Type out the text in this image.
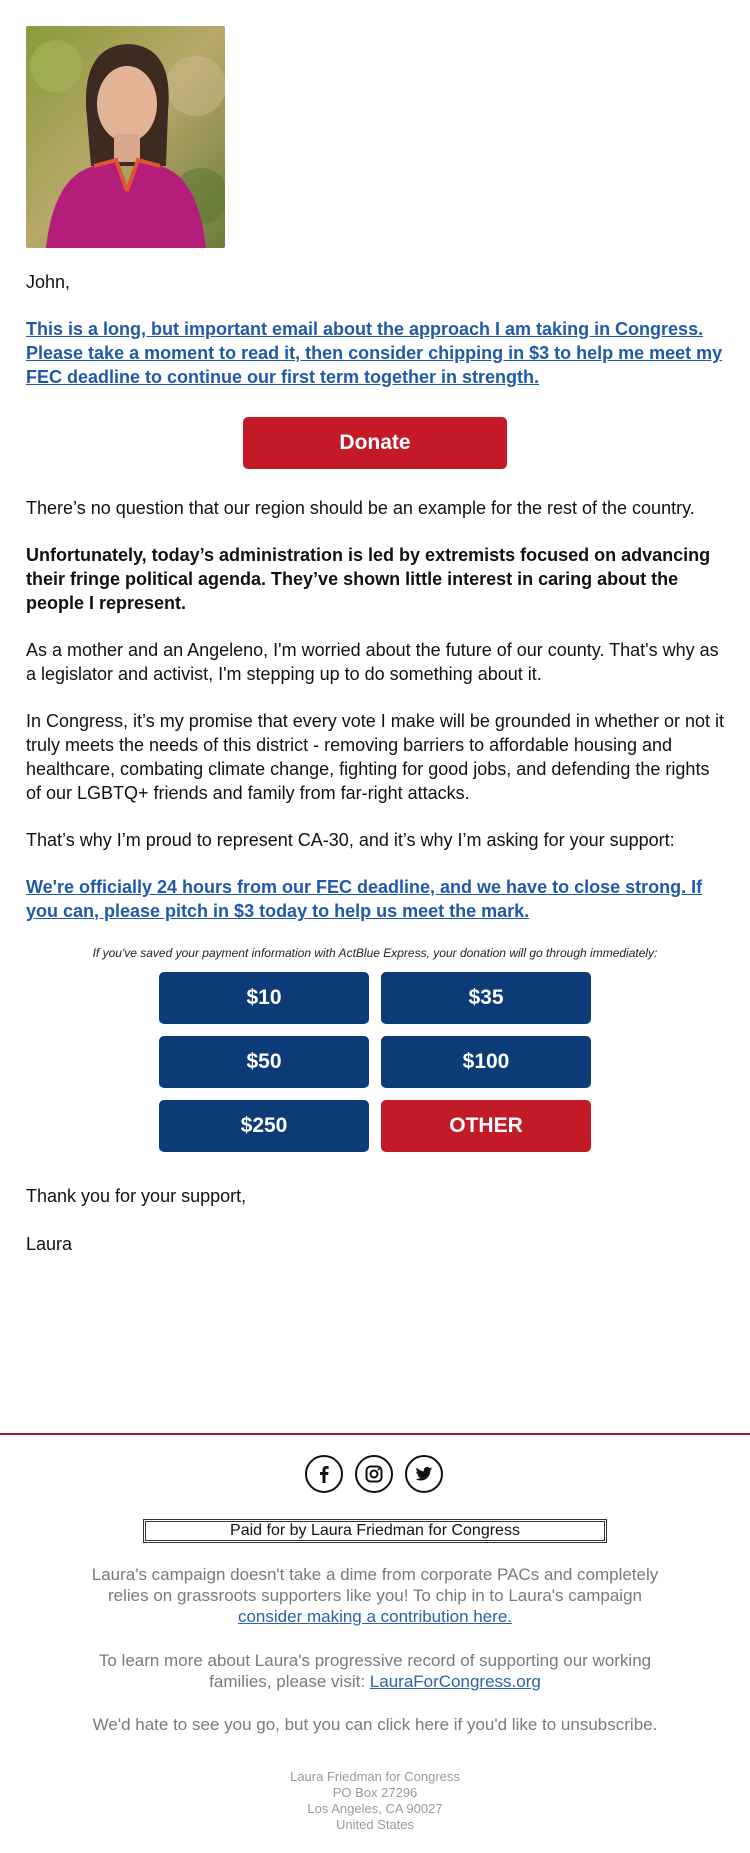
John,

This is a long, but important email about the approach I am taking in Congress. Please take a moment to read it, then consider chipping in $3 to help me meet my FEC deadline to continue our first term together in strength.

Donate

There’s no question that our region should be an example for the rest of the country.

Unfortunately, today’s administration is led by extremists focused on advancing their fringe political agenda. They’ve shown little interest in caring about the people I represent.

As a mother and an Angeleno, I'm worried about the future of our county. That's why as a legislator and activist, I'm stepping up to do something about it.

In Congress, it’s my promise that every vote I make will be grounded in whether or not it truly meets the needs of this district - removing barriers to affordable housing and healthcare, combating climate change, fighting for good jobs, and defending the rights of our LGBTQ+ friends and family from far-right attacks.

That’s why I’m proud to represent CA-30, and it’s why I’m asking for your support:

We're officially 24 hours from our FEC deadline, and we have to close strong. If you can, please pitch in $3 today to help us meet the mark.

If you've saved your payment information with ActBlue Express, your donation will go through immediately:
$10	$35
$50	$100
$250	OTHER

Thank you for your support,

Laura

Paid for by Laura Friedman for Congress
Laura's campaign doesn't take a dime from corporate PACs and completely relies on grassroots supporters like you! To chip in to Laura's campaign consider making a contribution here.
To learn more about Laura's progressive record of supporting our working families, please visit: LauraForCongress.org
We'd hate to see you go, but you can click here if you'd like to unsubscribe.
Laura Friedman for Congress
PO Box 27296
Los Angeles, CA 90027
United States
